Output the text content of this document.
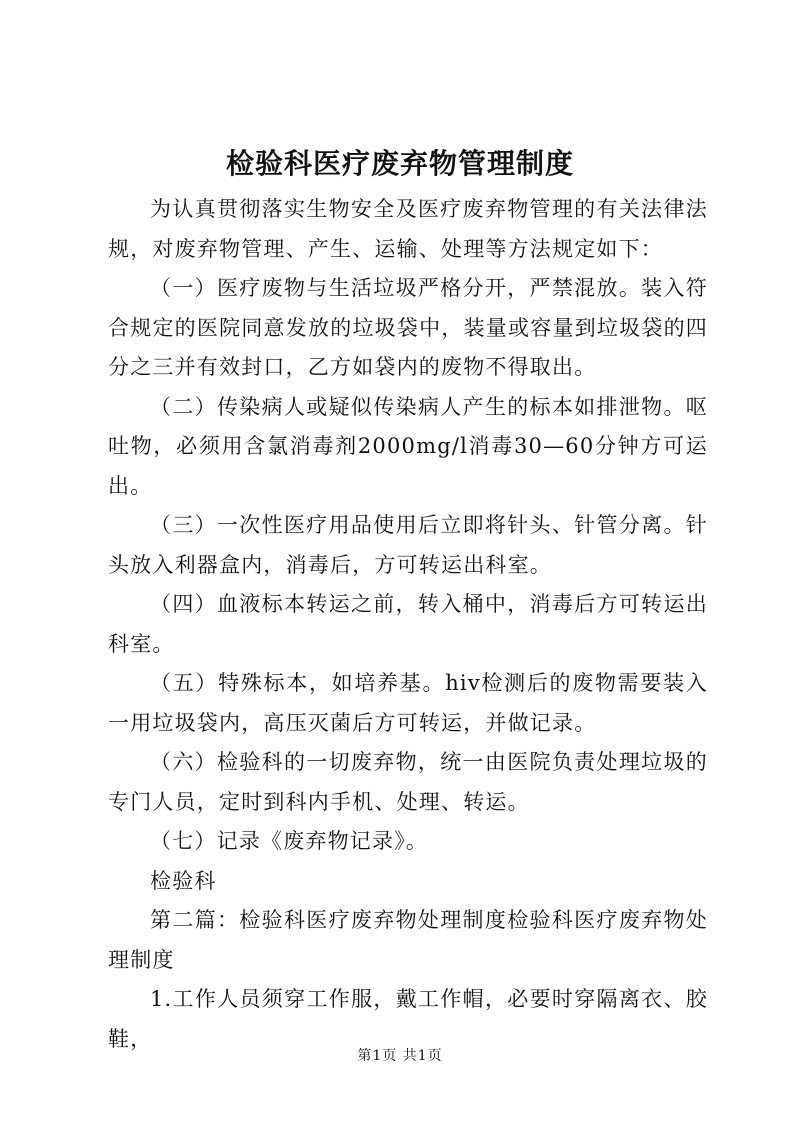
检验科医疗废弃物管理制度

为认真贯彻落实生物安全及医疗废弃物管理的有关法律法规，对废弃物管理、产生、运输、处理等方法规定如下：

（一）医疗废物与生活垃圾严格分开，严禁混放。装入符合规定的医院同意发放的垃圾袋中，装量或容量到垃圾袋的四分之三并有效封口，乙方如袋内的废物不得取出。

（二）传染病人或疑似传染病人产生的标本如排泄物。呕吐物，必须用含氯消毒剂2000mg/l消毒30—60分钟方可运出。

（三）一次性医疗用品使用后立即将针头、针管分离。针头放入利器盒内，消毒后，方可转运出科室。

（四）血液标本转运之前，转入桶中，消毒后方可转运出科室。

（五）特殊标本，如培养基。hiv检测后的废物需要装入一用垃圾袋内，高压灭菌后方可转运，并做记录。

（六）检验科的一切废弃物，统一由医院负责处理垃圾的专门人员，定时到科内手机、处理、转运。

（七）记录《废弃物记录》。

检验科

第二篇：检验科医疗废弃物处理制度检验科医疗废弃物处理制度

1.工作人员须穿工作服，戴工作帽，必要时穿隔离衣、胶鞋，

第1页 共1页
